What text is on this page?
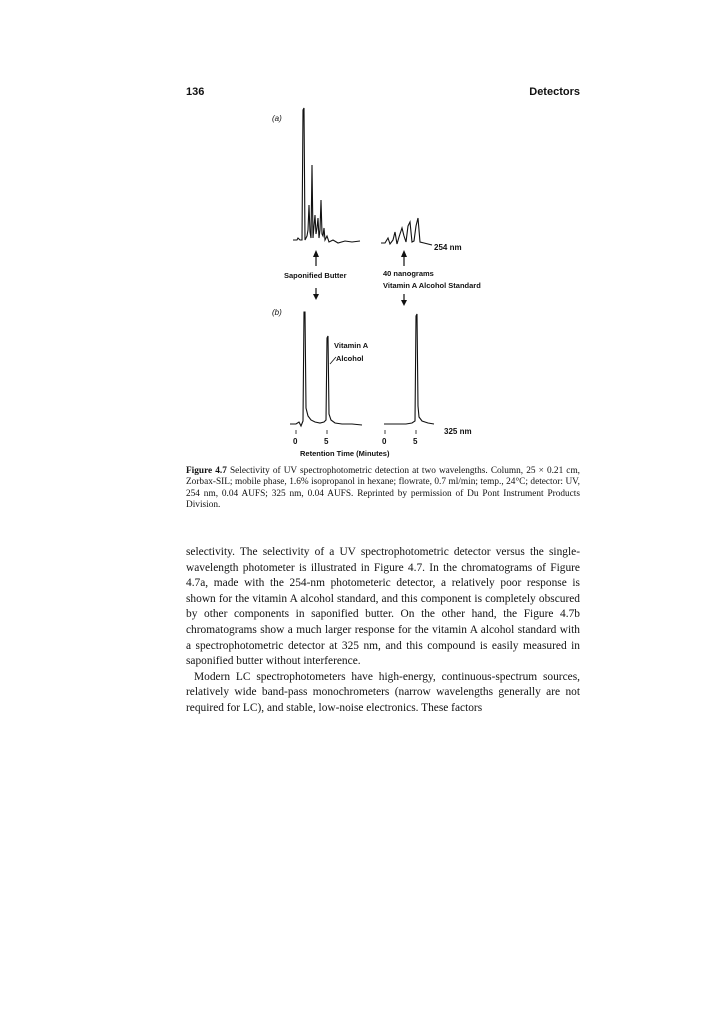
136	Detectors
(a)
254 nm
Saponified Butter	40 nanograms
Vitamin A Alcohol Standard
(b)
Vitamin A
Alcohol
325 nm
0	5	0	5
Retention Time (Minutes)
Figure 4.7 Selectivity of UV spectrophotometric detection at two wavelengths. Column, 25 × 0.21 cm, Zorbax-SIL; mobile phase, 1.6% isopropanol in hexane; flowrate, 0.7 ml/min; temp., 24°C; detector: UV, 254 nm, 0.04 AUFS; 325 nm, 0.04 AUFS. Reprinted by permission of Du Pont Instrument Products Division.

selectivity. The selectivity of a UV spectrophotometric detector versus the single-wavelength photometer is illustrated in Figure 4.7. In the chromatograms of Figure 4.7a, made with the 254-nm photometeric detector, a relatively poor response is shown for the vitamin A alcohol standard, and this component is completely obscured by other components in saponified butter. On the other hand, the Figure 4.7b chromatograms show a much larger response for the vitamin A alcohol standard with a spectrophotometric detector at 325 nm, and this compound is easily measured in saponified butter without interference.

Modern LC spectrophotometers have high-energy, continuous-spectrum sources, relatively wide band-pass monochrometers (narrow wavelengths generally are not required for LC), and stable, low-noise electronics. These factors
